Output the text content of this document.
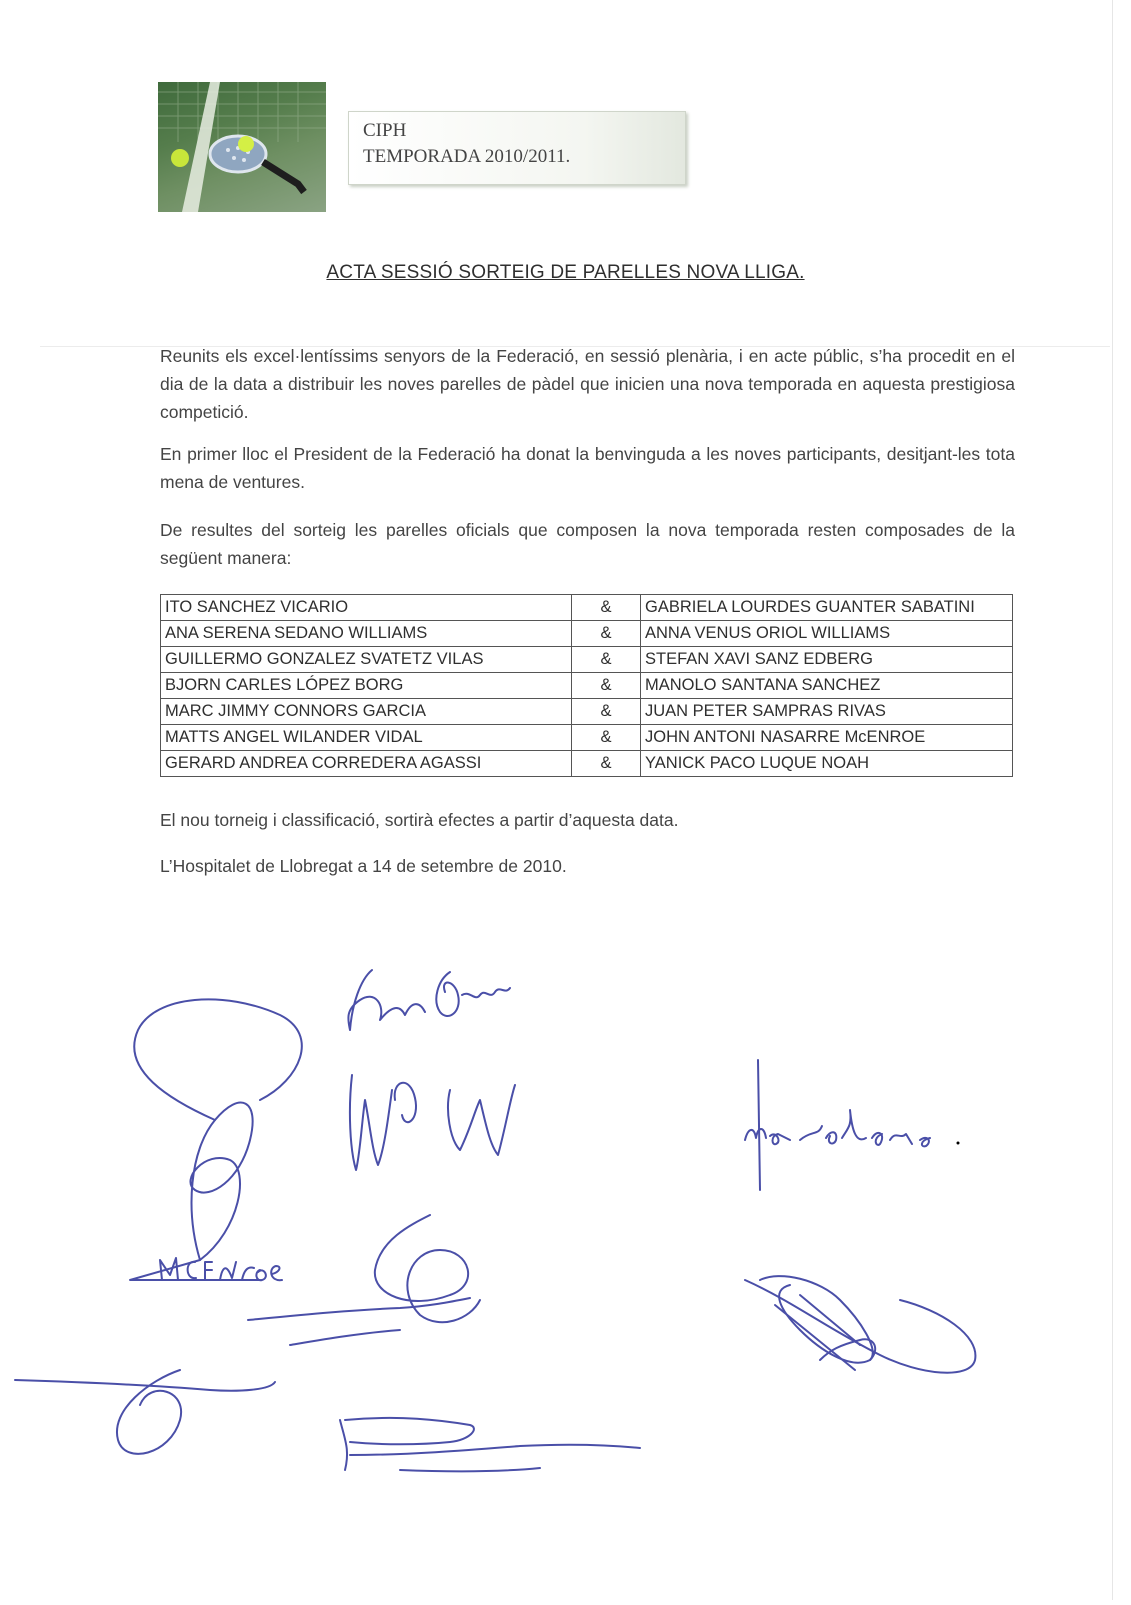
CIPH
TEMPORADA 2010/2011.
ACTA SESSIÓ SORTEIG DE PARELLES NOVA LLIGA.
Reunits els excel·lentíssims senyors de la Federació, en sessió plenària, i en acte públic, s’ha procedit en el dia de la data a distribuir les noves parelles de pàdel que inicien una nova temporada en aquesta prestigiosa competició.
En primer lloc el President de la Federació ha donat la benvinguda a les noves participants, desitjant-les tota mena de ventures.
De resultes del sorteig les parelles oficials que composen la nova temporada resten composades de la següent manera:
ITO SANCHEZ VICARIO	&	GABRIELA LOURDES GUANTER SABATINI
ANA SERENA SEDANO WILLIAMS	&	ANNA VENUS ORIOL WILLIAMS
GUILLERMO GONZALEZ SVATETZ VILAS	&	STEFAN XAVI SANZ EDBERG
BJORN CARLES LÓPEZ BORG	&	MANOLO SANTANA SANCHEZ
MARC JIMMY CONNORS GARCIA	&	JUAN PETER SAMPRAS RIVAS
MATTS ANGEL WILANDER VIDAL	&	JOHN ANTONI NASARRE McENROE
GERARD ANDREA CORREDERA AGASSI	&	YANICK PACO LUQUE NOAH
El nou torneig i classificació, sortirà efectes a partir d’aquesta data.
L’Hospitalet de Llobregat a 14 de setembre de 2010.
